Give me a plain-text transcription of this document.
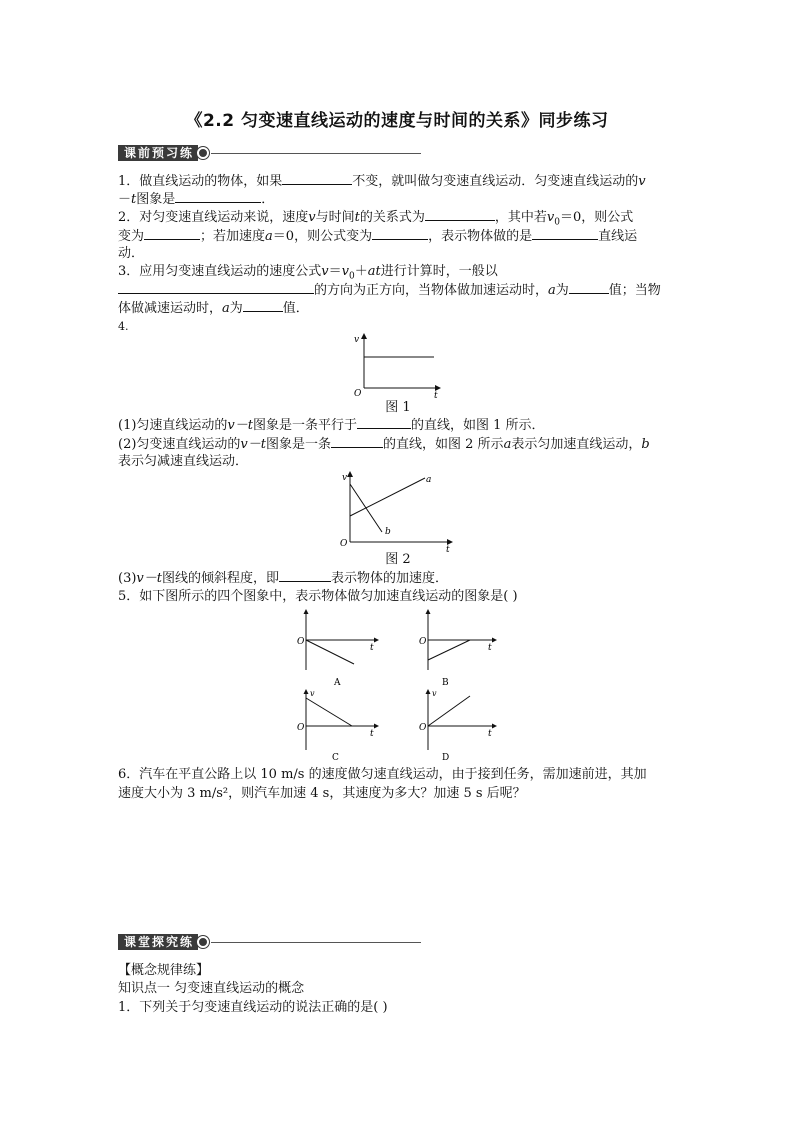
《2.2 匀变速直线运动的速度与时间的关系》同步练习
课前预习练
1．做直线运动的物体，如果	不变，就叫做匀变速直线运动．匀变速直线运动的v
－t图象是	．
2．对匀变速直线运动来说，速度v与时间t的关系式为	，其中若$v_0=0$，则公式
变为	；若加速度a＝0，则公式变为	，表示物体做的是	直线运
动．
3．应用匀变速直线运动的速度公式$v=v_0+at$进行计算时，一般以
的方向为正方向，当物体做加速运动时，a为	值；当物
体做减速运动时，a为	值．
4.
v
O	t
图 1
(1)匀速直线运动的v－t图象是一条平行于	的直线，如图 1 所示．
(2)匀变速直线运动的v－t图象是一条	的直线，如图 2 所示a表示匀加速直线运动，b
表示匀减速直线运动．
v
O
t
a
b
图 2
(3)v－t图线的倾斜程度，即	表示物体的加速度．
5．如下图所示的四个图象中，表示物体做匀加速直线运动的图象是( )
O
t
A
O
t
B
v
O
t
C
v
O
t
D
6．汽车在平直公路上以 10 m/s 的速度做匀速直线运动，由于接到任务，需加速前进，其加
速度大小为 3 m/s²，则汽车加速 4 s，其速度为多大？加速 5 s 后呢？
课堂探究练
【概念规律练】
知识点一 匀变速直线运动的概念
1．下列关于匀变速直线运动的说法正确的是( )
